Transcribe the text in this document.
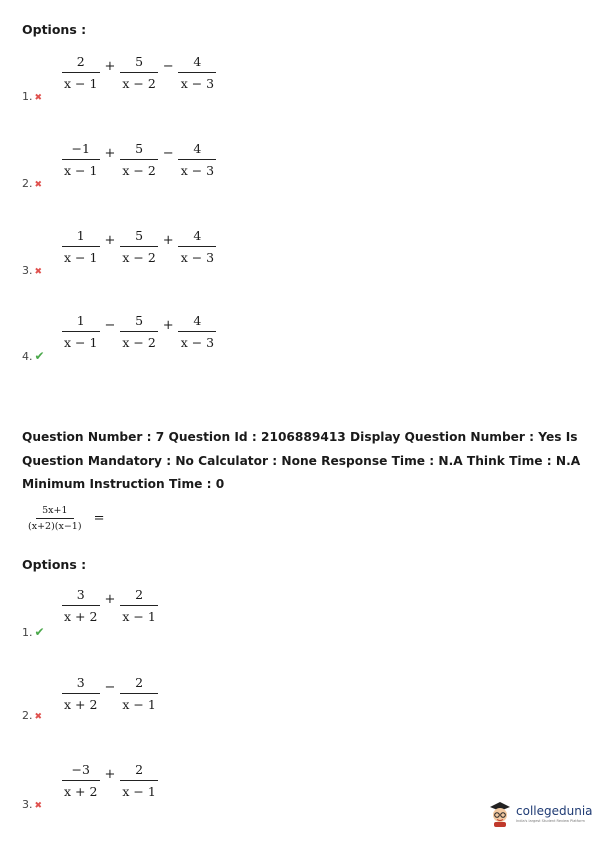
Options :
1. ✖
$\frac{2}{x - 1} + \frac{5}{x - 2} - \frac{4}{x - 3}$
2. ✖
$\frac{-1}{x - 1} + \frac{5}{x - 2} - \frac{4}{x - 3}$
3. ✖
$\frac{1}{x - 1} + \frac{5}{x - 2} + \frac{4}{x - 3}$
4. ✔
$\frac{1}{x - 1} - \frac{5}{x - 2} + \frac{4}{x - 3}$
Question Number : 7 Question Id : 2106889413 Display Question Number : Yes Is Question Mandatory : No Calculator : None Response Time : N.A Think Time : N.A Minimum Instruction Time : 0
$\frac{5x+1}{(x+2)(x-1)}$ =
Options :
1. ✔
$\frac{3}{x + 2} + \frac{2}{x - 1}$
2. ✖
$\frac{3}{x + 2} - \frac{2}{x - 1}$
3. ✖
$\frac{-3}{x + 2} + \frac{2}{x - 1}$
collegedunia
India's largest Student Review Platform
